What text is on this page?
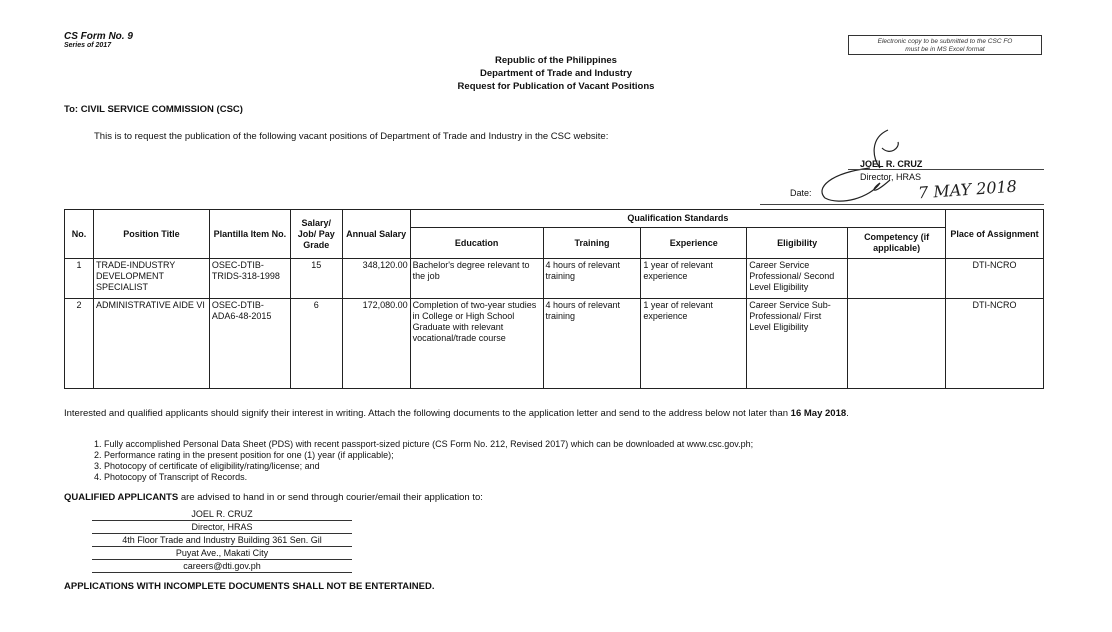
CS Form No. 9
Series of 2017
Electronic copy to be submitted to the CSC FO
must be in MS Excel format
Republic of the Philippines
Department of Trade and Industry
Request for Publication of Vacant Positions
To: CIVIL SERVICE COMMISSION (CSC)
This is to request the publication of the following vacant positions of Department of Trade and Industry in the CSC website:
JOEL R. CRUZ
Director, HRAS
Date:	7 MAY 2018
No.	Position Title	Plantilla Item No.	Salary/ Job/ Pay Grade	Annual Salary	Qualification Standards					Place of Assignment
					Education	Training	Experience	Eligibility	Competency (if applicable)	
1	TRADE-INDUSTRY DEVELOPMENT SPECIALIST	OSEC-DTIB-TRIDS-318-1998	15	348,120.00	Bachelor's degree relevant to the job	4 hours of relevant training	1 year of relevant experience	Career Service Professional/ Second Level Eligibility		DTI-NCRO
2	ADMINISTRATIVE AIDE VI	OSEC-DTIB-ADA6-48-2015	6	172,080.00	Completion of two-year studies in College or High School Graduate with relevant vocational/trade course	4 hours of relevant training	1 year of relevant experience	Career Service Sub-Professional/ First Level Eligibility		DTI-NCRO
Interested and qualified applicants should signify their interest in writing. Attach the following documents to the application letter and send to the address below not later than 16 May 2018.
1. Fully accomplished Personal Data Sheet (PDS) with recent passport-sized picture (CS Form No. 212, Revised 2017) which can be downloaded at www.csc.gov.ph;
2. Performance rating in the present position for one (1) year (if applicable);
3. Photocopy of certificate of eligibility/rating/license; and
4. Photocopy of Transcript of Records.
QUALIFIED APPLICANTS are advised to hand in or send through courier/email their application to:
JOEL R. CRUZ
Director, HRAS
4th Floor Trade and Industry Building 361 Sen. Gil
Puyat Ave., Makati City
careers@dti.gov.ph
APPLICATIONS WITH INCOMPLETE DOCUMENTS SHALL NOT BE ENTERTAINED.
